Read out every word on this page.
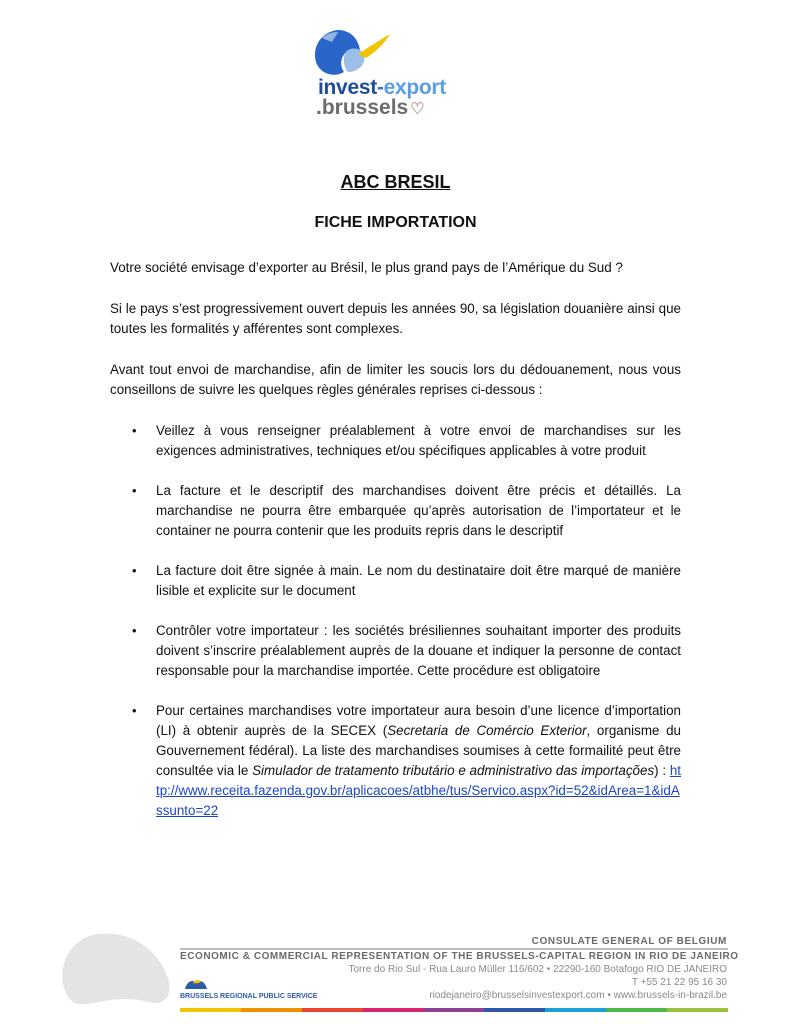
invest-export
.brussels ♡
ABC BRESIL
FICHE IMPORTATION

Votre société envisage d’exporter au Brésil, le plus grand pays de l’Amérique du Sud ?

Si le pays s’est progressivement ouvert depuis les années 90, sa législation douanière ainsi que toutes les formalités y afférentes sont complexes.

Avant tout envoi de marchandise, afin de limiter les soucis lors du dédouanement, nous vous conseillons de suivre les quelques règles générales reprises ci-dessous :

• Veillez à vous renseigner préalablement à votre envoi de marchandises sur les exigences administratives, techniques et/ou spécifiques applicables à votre produit
• La facture et le descriptif des marchandises doivent être précis et détaillés. La marchandise ne pourra être embarquée qu’après autorisation de l’importateur et le container ne pourra contenir que les produits repris dans le descriptif
• La facture doit être signée à main. Le nom du destinataire doit être marqué de manière lisible et explicite sur le document
• Contrôler votre importateur : les sociétés brésiliennes souhaitant importer des produits doivent s’inscrire préalablement auprès de la douane et indiquer la personne de contact responsable pour la marchandise importée. Cette procédure est obligatoire
• Pour certaines marchandises votre importateur aura besoin d’une licence d’importation (LI) à obtenir auprès de la SECEX (Secretaria de Comércio Exterior, organisme du Gouvernement fédéral). La liste des marchandises soumises à cette formailité peut être consultée via le Simulador de tratamento tributário e administrativo das importações) : http://www.receita.fazenda.gov.br/aplicacoes/atbhe/tus/Servico.aspx?id=52&idArea=1&idAssunto=22
CONSULATE GENERAL OF BELGIUM
ECONOMIC & COMMERCIAL REPRESENTATION OF THE BRUSSELS-CAPITAL REGION IN RIO DE JANEIRO
Torre do Rio Sul - Rua Lauro Müller 116/602 • 22290-160 Botafogo RIO DE JANEIRO
T +55 21 22 95 16 30
riodejaneiro@brusselsinvestexport.com • www.brussels-in-brazil.be
BRUSSELS REGIONAL PUBLIC SERVICE
